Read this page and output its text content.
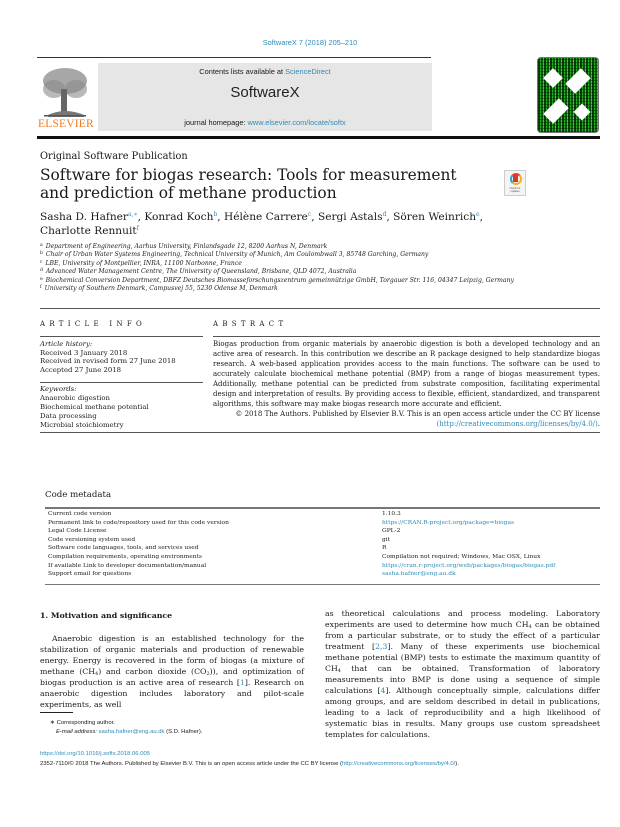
SoftwareX 7 (2018) 205–210
ELSEVIER
Contents lists available at ScienceDirect
SoftwareX
journal homepage: www.elsevier.com/locate/softx
Original Software Publication
Software for biogas research: Tools for measurement and prediction of methane production	Check for updates
Sasha D. Hafner$^{a,∗}$, Konrad Koch$^b$, Hélène Carrere$^c$, Sergi Astals$^d$, Sören Weinrich$^e$,
Charlotte Rennuit$^f$
$^a$ Department of Engineering, Aarhus University, Finlandsgade 12, 8200 Aarhus N, Denmark
$^b$ Chair of Urban Water Systems Engineering, Technical University of Munich, Am Coulombwall 3, 85748 Garching, Germany
$^c$ LBE, University of Montpellier, INRA, 11100 Narbonne, France
$^d$ Advanced Water Management Centre, The University of Queensland, Brisbane, QLD 4072, Australia
$^e$ Biochemical Conversion Department, DBFZ Deutsches Biomasseforschungszentrum gemeinnützige GmbH, Torgauer Str. 116, 04347 Leipzig, Germany
$^f$ University of Southern Denmark, Campusvej 55, 5230 Odense M, Denmark
ARTICLE INFO	ABSTRACT
Article history:
Received 3 January 2018
Received in revised form 27 June 2018
Accepted 27 June 2018
Keywords:
Anaerobic digestion
Biochemical methane potential
Data processing
Microbial stoichiometry
Biogas production from organic materials by anaerobic digestion is both a developed technology and an active area of research. In this contribution we describe an R package designed to help standardize biogas research. A web-based application provides access to the main functions. The software can be used to accurately calculate biochemical methane potential (BMP) from a range of biogas measurement types. Additionally, methane potential can be predicted from substrate composition, facilitating experimental design and interpretation of results. By providing access to flexible, efficient, standardized, and transparent algorithms, this software may make biogas research more accurate and efficient.
© 2018 The Authors. Published by Elsevier B.V. This is an open access article under the CC BY license (http://creativecommons.org/licenses/by/4.0/).
Code metadata
Current code version	1.10.3
Permanent link to code/repository used for this code version	https://CRAN.R-project.org/package=biogas
Legal Code License	GPL-2
Code versioning system used	git
Software code languages, tools, and services used	R
Compilation requirements, operating environments	Compilation not required; Windows, Mac OSX, Linux
If available Link to developer documentation/manual	https://cran.r-project.org/web/packages/biogas/biogas.pdf
Support email for questions	sasha.hafner@eng.au.dk
1. Motivation and significance

Anaerobic digestion is an established technology for the stabilization of organic materials and production of renewable energy. Energy is recovered in the form of biogas (a mixture of methane $(CH_4)$ and carbon dioxide $(CO_2)$), and optimization of biogas production is an active area of research [1]. Research on anaerobic digestion includes laboratory and pilot-scale experiments, as well

as theoretical calculations and process modeling. Laboratory experiments are used to determine how much $CH_4$ can be obtained from a particular substrate, or to study the effect of a particular treatment [2,3]. Many of these experiments use biochemical methane potential (BMP) tests to estimate the maximum quantity of $CH_4$ that can be obtained. Transformation of laboratory measurements into BMP is done using a sequence of simple calculations [4]. Although conceptually simple, calculations differ among groups, and are seldom described in detail in publications, leading to a lack of reproducibility and a high likelihood of systematic bias in results. Many groups use custom spreadsheet templates for calculations.
∗ Corresponding author.
E-mail address: sasha.hafner@eng.au.dk (S.D. Hafner).
https://doi.org/10.1016/j.softx.2018.06.005
2352-7110/© 2018 The Authors. Published by Elsevier B.V. This is an open access article under the CC BY license (http://creativecommons.org/licenses/by/4.0/).
